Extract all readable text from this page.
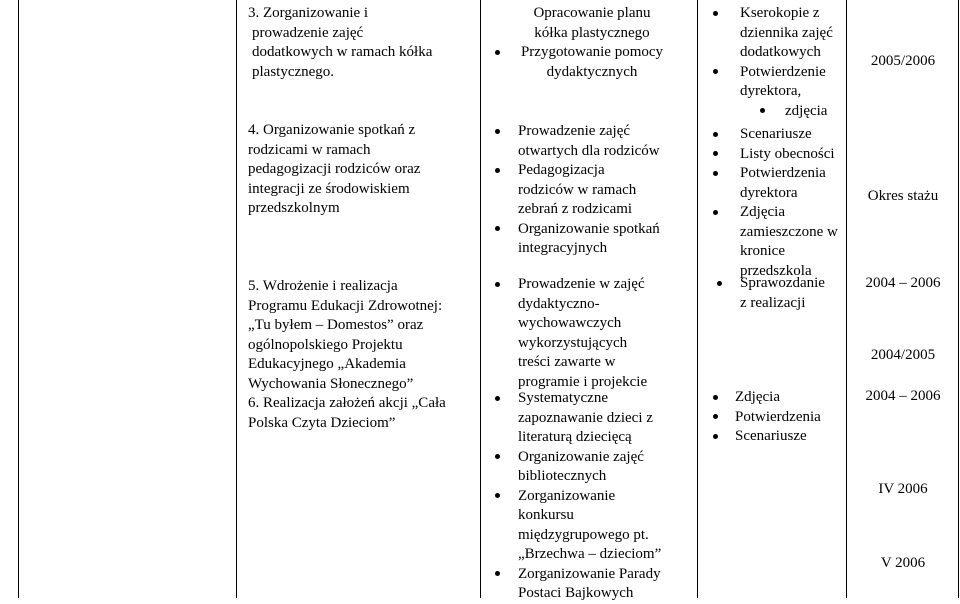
3. Zorganizowanie i
prowadzenie zajęć
dodatkowych w ramach kółka
plastycznego.
4. Organizowanie spotkań z
rodzicami w ramach
pedagogizacji rodziców oraz
integracji ze środowiskiem
przedszkolnym
5. Wdrożenie i realizacja
Programu Edukacji Zdrowotnej:
„Tu byłem – Domestos” oraz
ogólnopolskiego Projektu
Edukacyjnego „Akademia
Wychowania Słonecznego”
6. Realizacja założeń akcji „Cała
Polska Czyta Dzieciom”
Opracowanie planu
kółka plastycznego
Przygotowanie pomocy
dydaktycznych
Prowadzenie zajęć
otwartych dla rodziców
Pedagogizacja
rodziców w ramach
zebrań z rodzicami
Organizowanie spotkań
integracyjnych
Prowadzenie w zajęć
dydaktyczno-
wychowawczych
wykorzystujących
treści zawarte w
programie i projekcie
Systematyczne
zapoznawanie dzieci z
literaturą dziecięcą
Organizowanie zajęć
bibliotecznych
Zorganizowanie
konkursu
międzygrupowego pt.
„Brzechwa – dzieciom”
Zorganizowanie Parady
Postaci Bajkowych
Kserokopie z
dziennika zajęć
dodatkowych
Potwierdzenie
dyrektora,
zdjęcia
Scenariusze
Listy obecności
Potwierdzenia
dyrektora
Zdjęcia
zamieszczone w
kronice
przedszkola
Sprawozdanie
z realizacji
Zdjęcia
Potwierdzenia
Scenariusze
2005/2006
Okres stażu
2004 – 2006
2004/2005
2004 – 2006
IV 2006
V 2006
